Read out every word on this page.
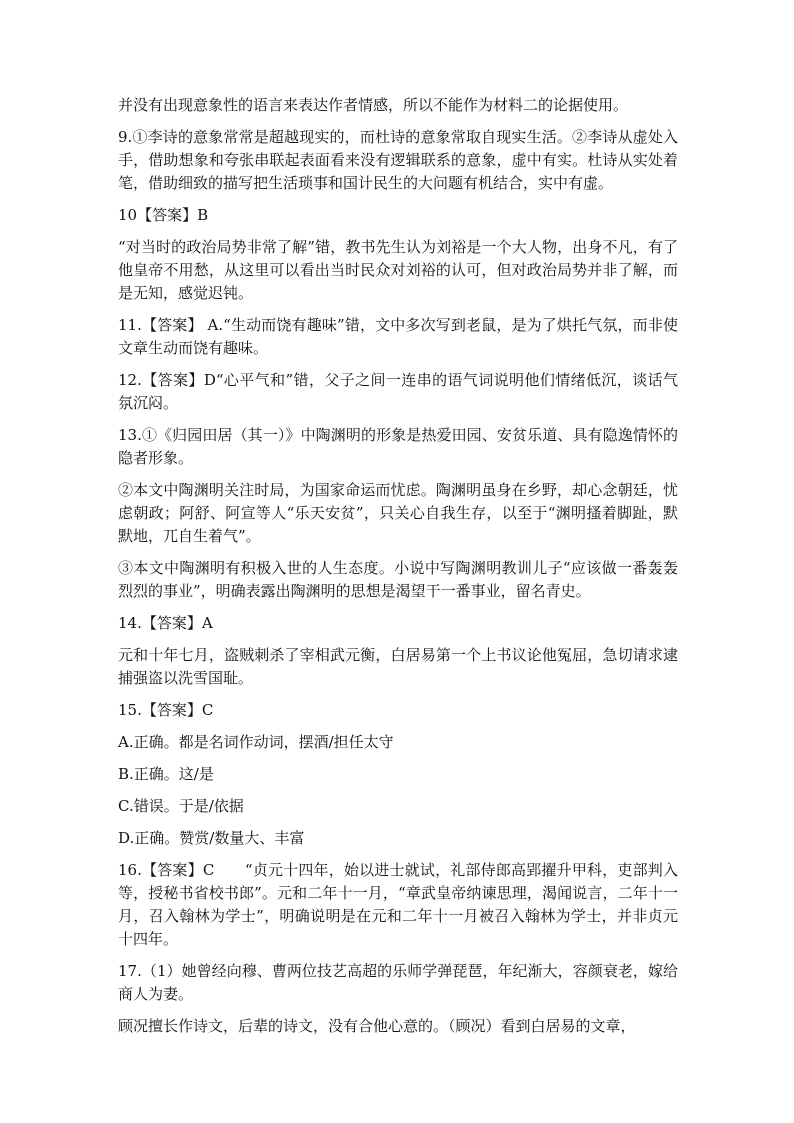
并没有出现意象性的语言来表达作者情感，所以不能作为材料二的论据使用。

9.①李诗的意象常常是超越现实的，而杜诗的意象常取自现实生活。②李诗从虚处入手，借助想象和夸张串联起表面看来没有逻辑联系的意象，虚中有实。杜诗从实处着笔，借助细致的描写把生活琐事和国计民生的大问题有机结合，实中有虚。

10【答案】B

“对当时的政治局势非常了解”错，教书先生认为刘裕是一个大人物，出身不凡，有了他皇帝不用愁，从这里可以看出当时民众对刘裕的认可，但对政治局势并非了解，而是无知，感觉迟钝。

11.【答案】 A.“生动而饶有趣味”错，文中多次写到老鼠，是为了烘托气氛，而非使文章生动而饶有趣味。

12.【答案】D“心平气和”错，父子之间一连串的语气词说明他们情绪低沉，谈话气氛沉闷。

13.①《归园田居（其一）》中陶渊明的形象是热爱田园、安贫乐道、具有隐逸情怀的隐者形象。

②本文中陶渊明关注时局，为国家命运而忧虑。陶渊明虽身在乡野，却心念朝廷，忧虑朝政；阿舒、阿宣等人“乐天安贫”，只关心自我生存，以至于“渊明搔着脚趾，默默地，兀自生着气”。

③本文中陶渊明有积极入世的人生态度。小说中写陶渊明教训儿子“应该做一番轰轰烈烈的事业”，明确表露出陶渊明的思想是渴望干一番事业，留名青史。

14.【答案】A

元和十年七月，盗贼刺杀了宰相武元衡，白居易第一个上书议论他冤屈，急切请求逮捕强盗以洗雪国耻。

15.【答案】C

A.正确。都是名词作动词，摆酒/担任太守

B.正确。这/是

C.错误。于是/依据

D.正确。赞赏/数量大、丰富

16.【答案】C　　“贞元十四年，始以进士就试，礼部侍郎高郢擢升甲科，吏部判入等，授秘书省校书郎”。元和二年十一月，“章武皇帝纳谏思理，渴闻说言，二年十一月，召入翰林为学士”，明确说明是在元和二年十一月被召入翰林为学士，并非贞元十四年。

17.（1）她曾经向穆、曹两位技艺高超的乐师学弹琵琶，年纪渐大，容颜衰老，嫁给商人为妻。

顾况擅长作诗文，后辈的诗文，没有合他心意的。（顾况）看到白居易的文章，
